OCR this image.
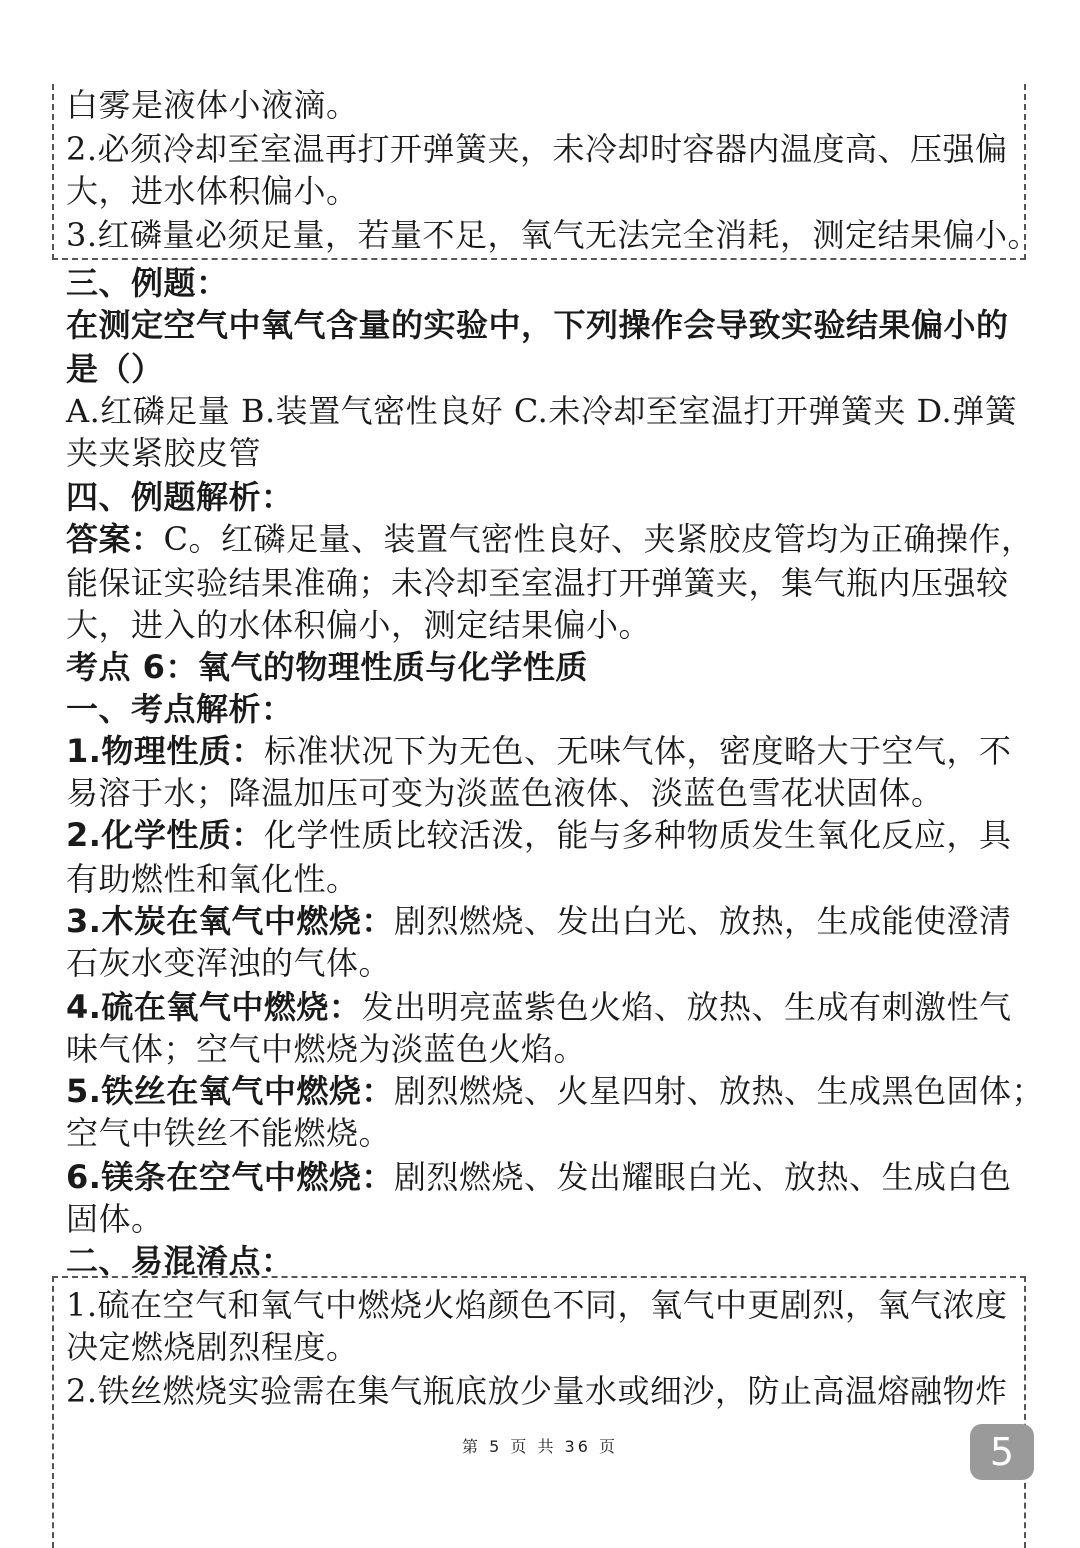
白雾是液体小液滴。
2.必须冷却至室温再打开弹簧夹，未冷却时容器内温度高、压强偏
大，进水体积偏小。
3.红磷量必须足量，若量不足，氧气无法完全消耗，测定结果偏小。
三、例题：
在测定空气中氧气含量的实验中，下列操作会导致实验结果偏小的
是（）
A.红磷足量 B.装置气密性良好 C.未冷却至室温打开弹簧夹 D.弹簧
夹夹紧胶皮管
四、例题解析：
答案：C。红磷足量、装置气密性良好、夹紧胶皮管均为正确操作，
能保证实验结果准确；未冷却至室温打开弹簧夹，集气瓶内压强较
大，进入的水体积偏小，测定结果偏小。
考点 6：氧气的物理性质与化学性质
一、考点解析：
1.物理性质：标准状况下为无色、无味气体，密度略大于空气，不
易溶于水；降温加压可变为淡蓝色液体、淡蓝色雪花状固体。
2.化学性质：化学性质比较活泼，能与多种物质发生氧化反应，具
有助燃性和氧化性。
3.木炭在氧气中燃烧：剧烈燃烧、发出白光、放热，生成能使澄清
石灰水变浑浊的气体。
4.硫在氧气中燃烧：发出明亮蓝紫色火焰、放热、生成有刺激性气
味气体；空气中燃烧为淡蓝色火焰。
5.铁丝在氧气中燃烧：剧烈燃烧、火星四射、放热、生成黑色固体；
空气中铁丝不能燃烧。
6.镁条在空气中燃烧：剧烈燃烧、发出耀眼白光、放热、生成白色
固体。
二、易混淆点：
1.硫在空气和氧气中燃烧火焰颜色不同，氧气中更剧烈，氧气浓度
决定燃烧剧烈程度。
2.铁丝燃烧实验需在集气瓶底放少量水或细沙，防止高温熔融物炸
第 5 页 共 36 页	5
